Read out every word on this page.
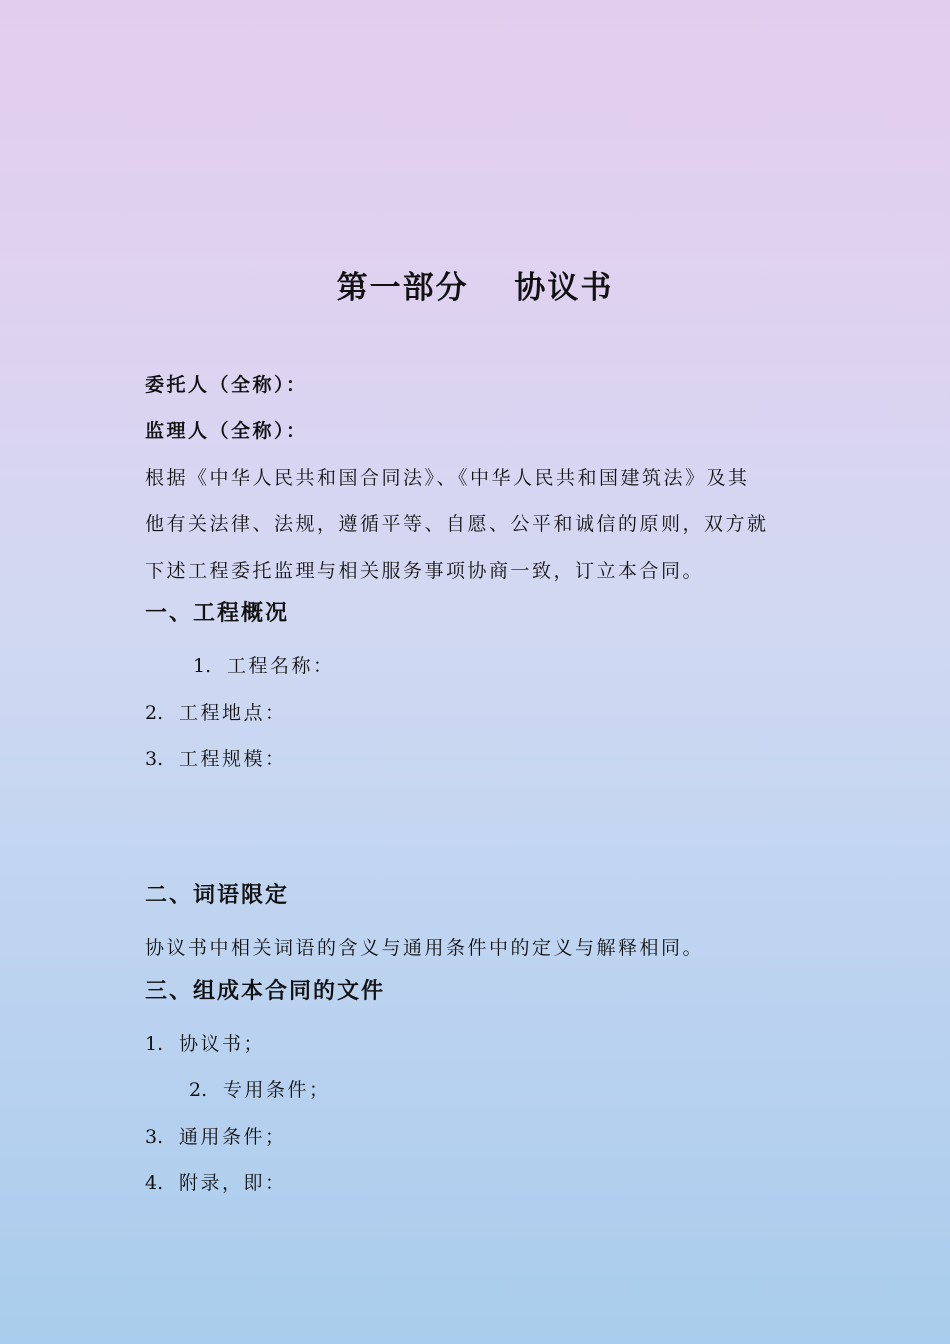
第一部分　 协议书
委托人（全称）：
监理人（全称）：
根据《中华人民共和国合同法》、《中华人民共和国建筑法》及其
他有关法律、法规，遵循平等、自愿、公平和诚信的原则，双方就
下述工程委托监理与相关服务事项协商一致，订立本合同。
一、工程概况
1. 工程名称：
2. 工程地点：
3. 工程规模：
二、词语限定
协议书中相关词语的含义与通用条件中的定义与解释相同。
三、组成本合同的文件
1. 协议书；
2. 专用条件；
3. 通用条件；
4. 附录，即：
